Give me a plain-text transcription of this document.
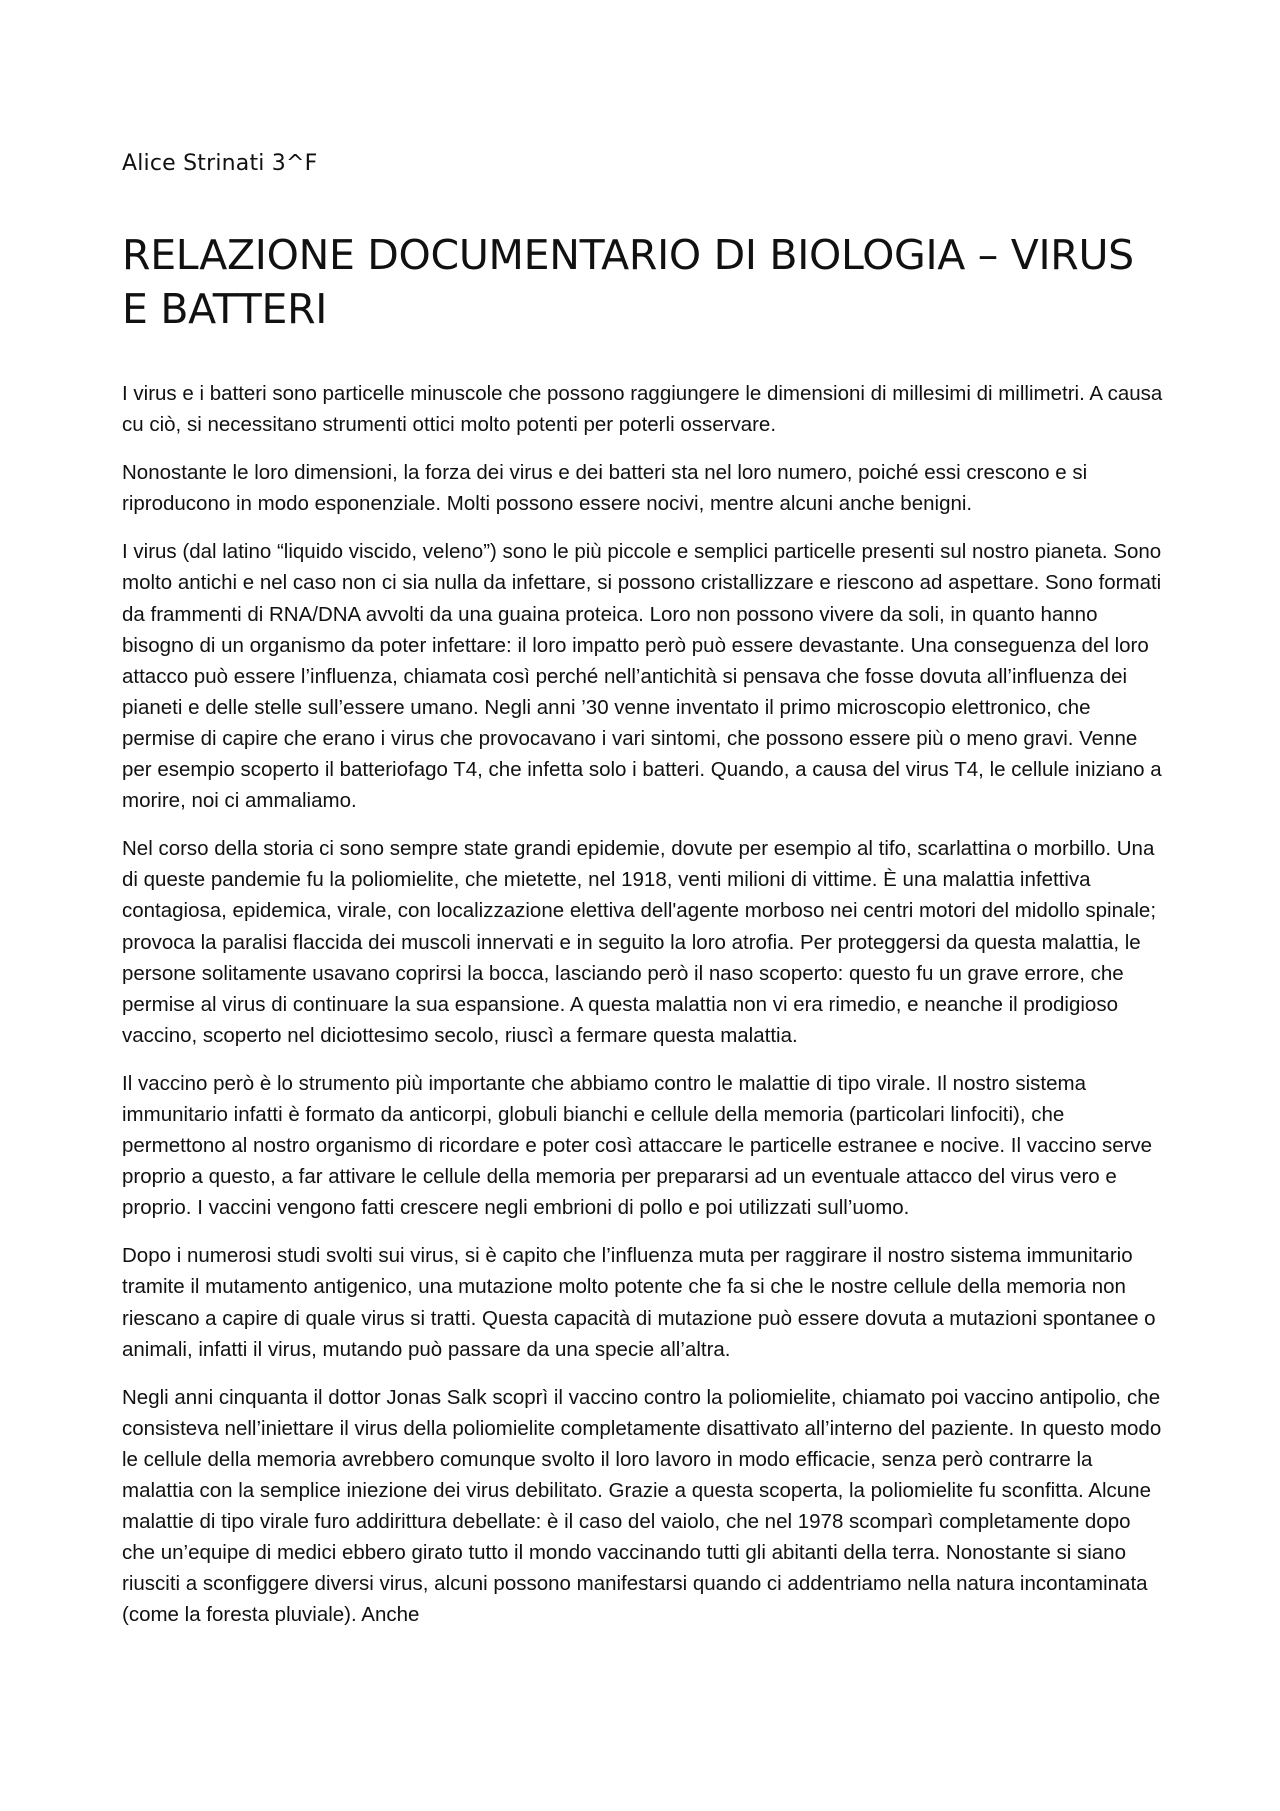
Alice Strinati 3^F

RELAZIONE DOCUMENTARIO DI BIOLOGIA – VIRUS E BATTERI

I virus e i batteri sono particelle minuscole che possono raggiungere le dimensioni di millesimi di millimetri. A causa cu ciò, si necessitano strumenti ottici molto potenti per poterli osservare.

Nonostante le loro dimensioni, la forza dei virus e dei batteri sta nel loro numero, poiché essi crescono e si riproducono in modo esponenziale. Molti possono essere nocivi, mentre alcuni anche benigni.

I virus (dal latino “liquido viscido, veleno”) sono le più piccole e semplici particelle presenti sul nostro pianeta. Sono molto antichi e nel caso non ci sia nulla da infettare, si possono cristallizzare e riescono ad aspettare. Sono formati da frammenti di RNA/DNA avvolti da una guaina proteica. Loro non possono vivere da soli, in quanto hanno bisogno di un organismo da poter infettare: il loro impatto però può essere devastante. Una conseguenza del loro attacco può essere l’influenza, chiamata così perché nell’antichità si pensava che fosse dovuta all’influenza dei pianeti e delle stelle sull’essere umano. Negli anni ’30 venne inventato il primo microscopio elettronico, che permise di capire che erano i virus che provocavano i vari sintomi, che possono essere più o meno gravi. Venne per esempio scoperto il batteriofago T4, che infetta solo i batteri. Quando, a causa del virus T4, le cellule iniziano a morire, noi ci ammaliamo.

Nel corso della storia ci sono sempre state grandi epidemie, dovute per esempio al tifo, scarlattina o morbillo. Una di queste pandemie fu la poliomielite, che mietette, nel 1918, venti milioni di vittime. È una malattia infettiva contagiosa, epidemica, virale, con localizzazione elettiva dell'agente morboso nei centri motori del midollo spinale; provoca la paralisi flaccida dei muscoli innervati e in seguito la loro atrofia. Per proteggersi da questa malattia, le persone solitamente usavano coprirsi la bocca, lasciando però il naso scoperto: questo fu un grave errore, che permise al virus di continuare la sua espansione. A questa malattia non vi era rimedio, e neanche il prodigioso vaccino, scoperto nel diciottesimo secolo, riuscì a fermare questa malattia.

Il vaccino però è lo strumento più importante che abbiamo contro le malattie di tipo virale. Il nostro sistema immunitario infatti è formato da anticorpi, globuli bianchi e cellule della memoria (particolari linfociti), che permettono al nostro organismo di ricordare e poter così attaccare le particelle estranee e nocive. Il vaccino serve proprio a questo, a far attivare le cellule della memoria per prepararsi ad un eventuale attacco del virus vero e proprio. I vaccini vengono fatti crescere negli embrioni di pollo e poi utilizzati sull’uomo.

Dopo i numerosi studi svolti sui virus, si è capito che l’influenza muta per raggirare il nostro sistema immunitario tramite il mutamento antigenico, una mutazione molto potente che fa si che le nostre cellule della memoria non riescano a capire di quale virus si tratti. Questa capacità di mutazione può essere dovuta a mutazioni spontanee o animali, infatti il virus, mutando può passare da una specie all’altra.

Negli anni cinquanta il dottor Jonas Salk scoprì il vaccino contro la poliomielite, chiamato poi vaccino antipolio, che consisteva nell’iniettare il virus della poliomielite completamente disattivato all’interno del paziente. In questo modo le cellule della memoria avrebbero comunque svolto il loro lavoro in modo efficacie, senza però contrarre la malattia con la semplice iniezione dei virus debilitato. Grazie a questa scoperta, la poliomielite fu sconfitta. Alcune malattie di tipo virale furo addirittura debellate: è il caso del vaiolo, che nel 1978 scomparì completamente dopo che un’equipe di medici ebbero girato tutto il mondo vaccinando tutti gli abitanti della terra. Nonostante si siano riusciti a sconfiggere diversi virus, alcuni possono manifestarsi quando ci addentriamo nella natura incontaminata (come la foresta pluviale). Anche
